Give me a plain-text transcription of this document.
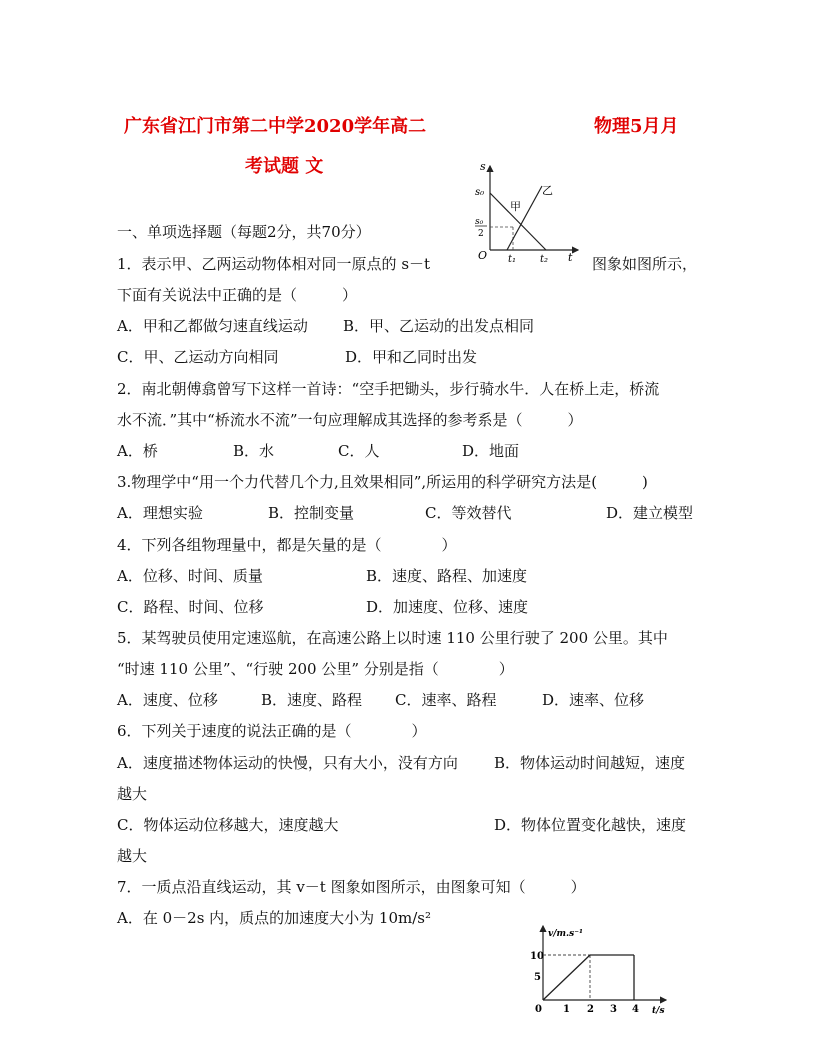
广东省江门市第二中学2020学年高二	物理5月月
考试题 文	s
t
O
s₀
s₀
2
甲
乙
t₁ t₂
一、单项选择题（每题2分，共70分）
1．表示甲、乙两运动物体相对同一原点的 s－t	图象如图所示，
下面有关说法中正确的是（　　　）
A．甲和乙都做匀速直线运动 B．甲、乙运动的出发点相同
C．甲、乙运动方向相同	D．甲和乙同时出发
2．南北朝傅翕曾写下这样一首诗：“空手把锄头，步行骑水牛．人在桥上走，桥流
水不流．”其中“桥流水不流”一句应理解成其选择的参考系是（　　　）
A．桥	B．水	C．人	D．地面
3.物理学中“用一个力代替几个力,且效果相同”,所运用的科学研究方法是(　　　)
A．理想实验	B．控制变量	C．等效替代	D．建立模型
4．下列各组物理量中，都是矢量的是（　　　　）
A．位移、时间、质量	B．速度、路程、加速度
C．路程、时间、位移	D．加速度、位移、速度
5．某驾驶员使用定速巡航，在高速公路上以时速 110 公里行驶了 200 公里。其中
“时速 110 公里”、“行驶 200 公里” 分别是指（　　　　）
A．速度、位移	B．速度、路程 C．速率、路程	D．速率、位移
6．下列关于速度的说法正确的是（　　　　）
A．速度描述物体运动的快慢，只有大小，没有方向 B．物体运动时间越短，速度
越大
C．物体运动位移越大，速度越大	D．物体位置变化越快，速度
越大
7．一质点沿直线运动，其 v－t 图象如图所示，由图象可知（　　　）
A．在 0－2s 内，质点的加速度大小为 10m/s²
v/m.s⁻¹
t/s
10
5
0 1 2 3 4
